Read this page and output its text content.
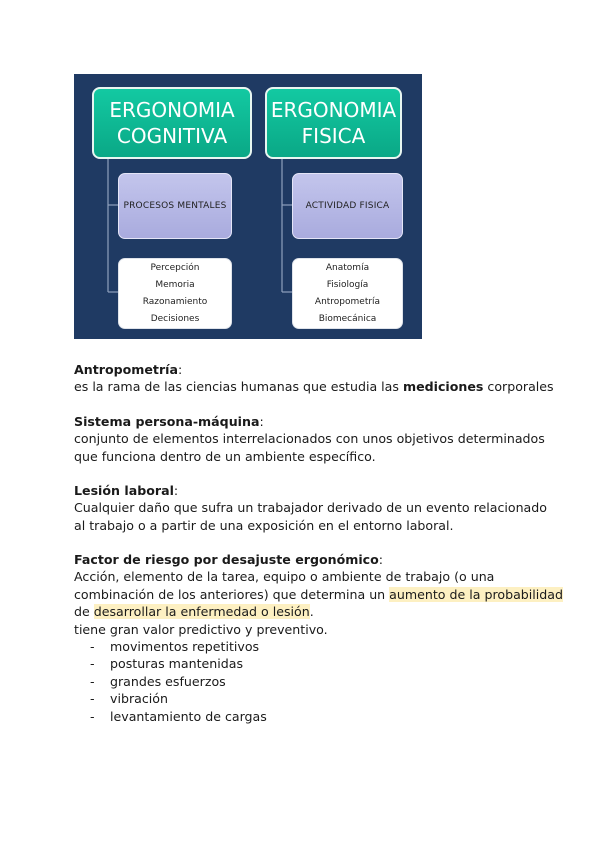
ERGONOMIA
COGNITIVA
ERGONOMIA
FISICA
PROCESOS MENTALES	ACTIVIDAD FISICA
Percepción
Memoria
Razonamiento
Decisiones
Anatomía
Fisiología
Antropometría
Biomecánica
Antropometría:
es la rama de las ciencias humanas que estudia las mediciones corporales
Sistema persona-máquina:
conjunto de elementos interrelacionados con unos objetivos determinados
que funciona dentro de un ambiente específico.
Lesión laboral:
Cualquier daño que sufra un trabajador derivado de un evento relacionado
al trabajo o a partir de una exposición en el entorno laboral.
Factor de riesgo por desajuste ergonómico:
Acción, elemento de la tarea, equipo o ambiente de trabajo (o una
combinación de los anteriores) que determina un aumento de la probabilidad
de desarrollar la enfermedad o lesión.
tiene gran valor predictivo y preventivo.
- movimentos repetitivos
- posturas mantenidas
- grandes esfuerzos
- vibración
- levantamiento de cargas
